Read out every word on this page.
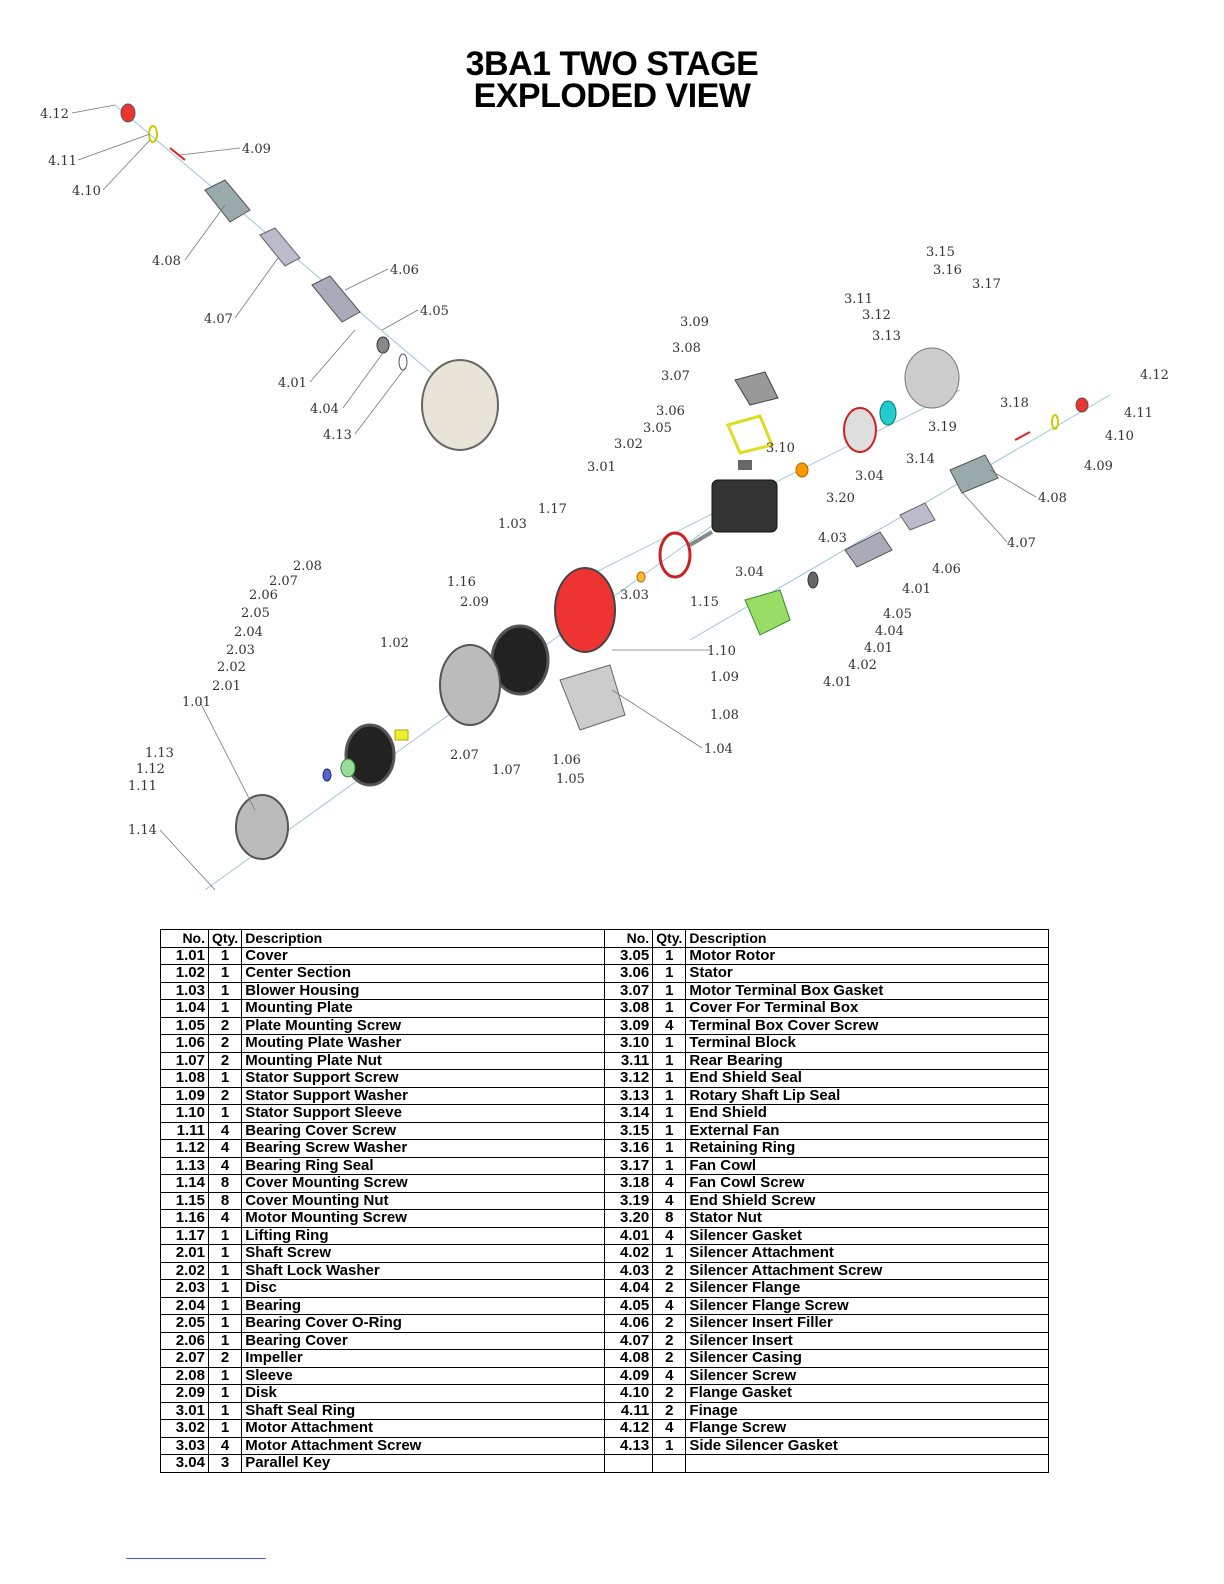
3BA1 TWO STAGE
EXPLODED VIEW
4.12
4.11
4.10
4.09
4.08
4.07
4.06
4.05
4.01
4.04
4.13
3.09
3.08
3.07
3.06
3.05
3.02
3.01
3.10
3.11
3.12
3.13
3.15
3.16
3.17
3.18
3.19
3.14
3.04
3.20
4.12
4.11
4.10
4.09
4.08
4.07
4.06
4.01
4.05
4.04
4.01
4.02
4.01
4.03
3.04
1.17
1.03
1.16
2.09	3.03	1.15
1.10
1.09
1.08
1.04
1.02
2.08
2.07
2.06
2.05
2.04
2.03
2.02
2.01
1.01
1.13
1.12
1.11
1.14
2.07
1.07
1.06
1.05
No.	Qty.	Description	No.	Qty.	Description
1.01	1	Cover	3.05	1	Motor Rotor
1.02	1	Center Section	3.06	1	Stator
1.03	1	Blower Housing	3.07	1	Motor Terminal Box Gasket
1.04	1	Mounting Plate	3.08	1	Cover For Terminal Box
1.05	2	Plate Mounting Screw	3.09	4	Terminal Box Cover Screw
1.06	2	Mouting Plate Washer	3.10	1	Terminal Block
1.07	2	Mounting Plate Nut	3.11	1	Rear Bearing
1.08	1	Stator Support Screw	3.12	1	End Shield Seal
1.09	2	Stator Support Washer	3.13	1	Rotary Shaft Lip Seal
1.10	1	Stator Support Sleeve	3.14	1	End Shield
1.11	4	Bearing Cover Screw	3.15	1	External Fan
1.12	4	Bearing Screw Washer	3.16	1	Retaining Ring
1.13	4	Bearing Ring Seal	3.17	1	Fan Cowl
1.14	8	Cover Mounting Screw	3.18	4	Fan Cowl Screw
1.15	8	Cover Mounting Nut	3.19	4	End Shield Screw
1.16	4	Motor Mounting Screw	3.20	8	Stator Nut
1.17	1	Lifting Ring	4.01	4	Silencer Gasket
2.01	1	Shaft Screw	4.02	1	Silencer Attachment
2.02	1	Shaft Lock Washer	4.03	2	Silencer Attachment Screw
2.03	1	Disc	4.04	2	Silencer Flange
2.04	1	Bearing	4.05	4	Silencer Flange Screw
2.05	1	Bearing Cover O-Ring	4.06	2	Silencer Insert Filler
2.06	1	Bearing Cover	4.07	2	Silencer Insert
2.07	2	Impeller	4.08	2	Silencer Casing
2.08	1	Sleeve	4.09	4	Silencer Screw
2.09	1	Disk	4.10	2	Flange Gasket
3.01	1	Shaft Seal Ring	4.11	2	Finage
3.02	1	Motor Attachment	4.12	4	Flange Screw
3.03	4	Motor Attachment Screw	4.13	1	Side Silencer Gasket
3.04	3	Parallel Key			
